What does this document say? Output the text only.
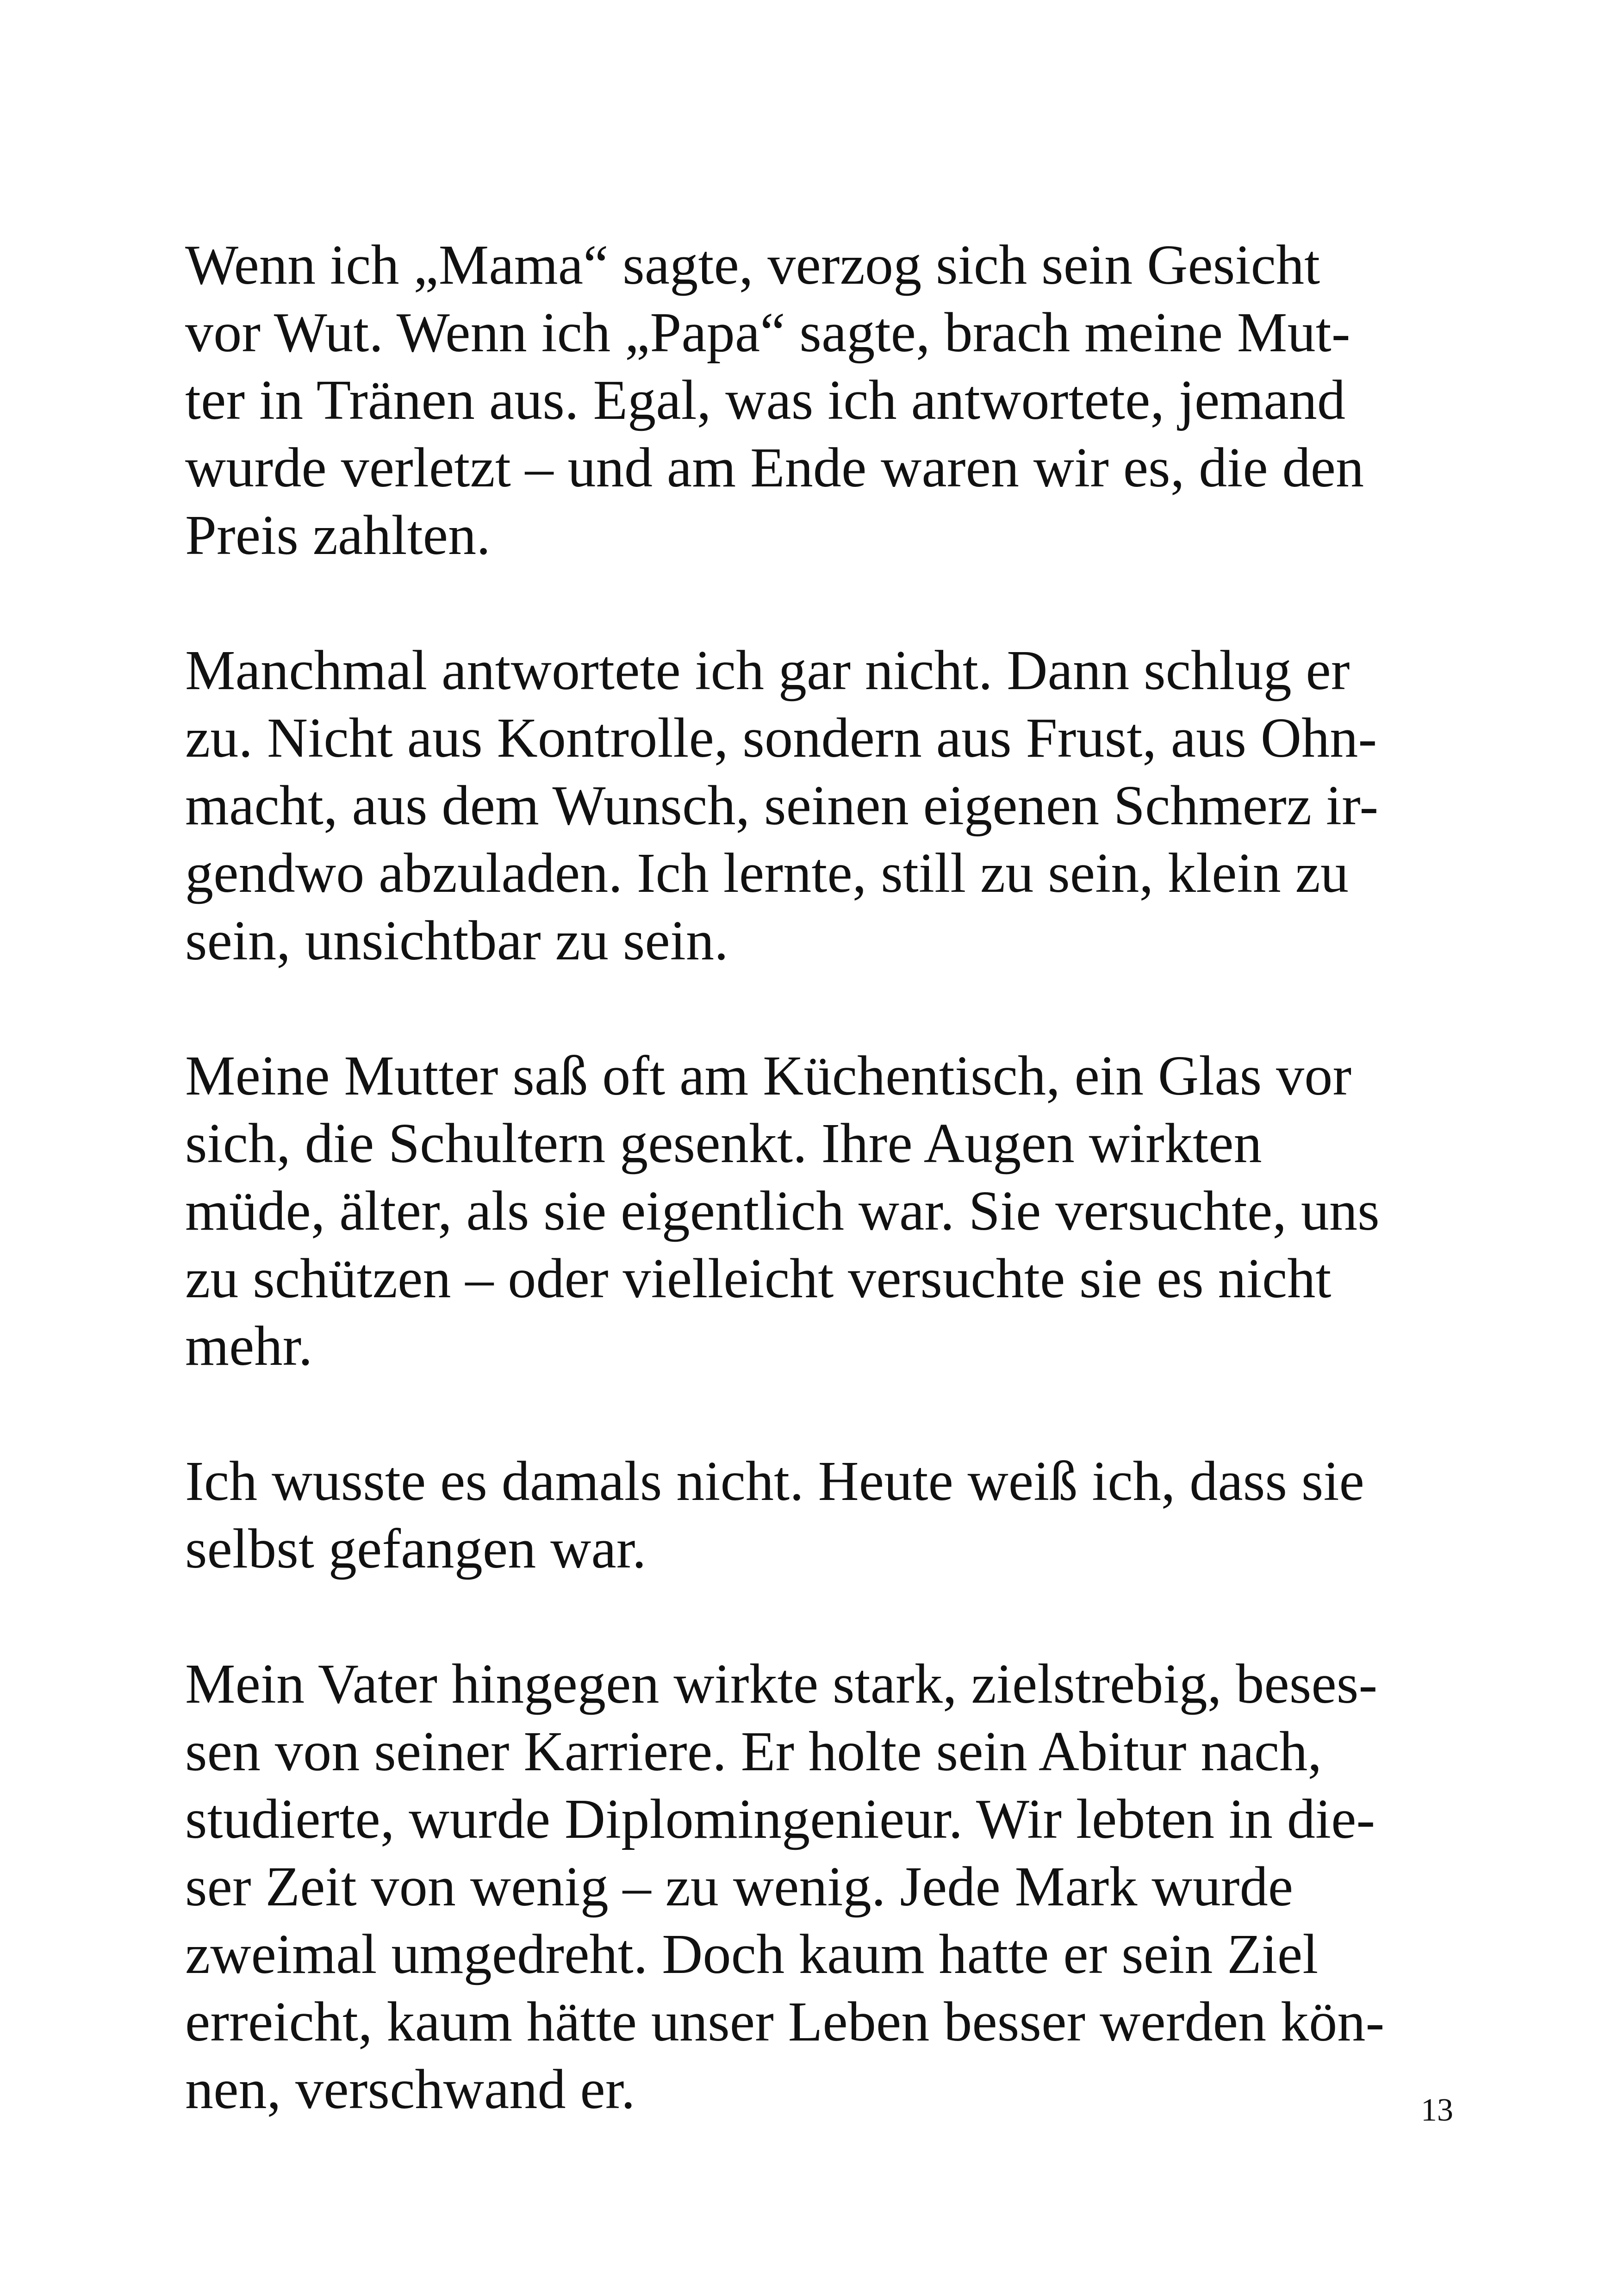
Wenn ich „Mama“ sagte, verzog sich sein Gesicht
vor Wut. Wenn ich „Papa“ sagte, brach meine Mut-
ter in Tränen aus. Egal, was ich antwortete, jemand
wurde verletzt – und am Ende waren wir es, die den
Preis zahlten.

Manchmal antwortete ich gar nicht. Dann schlug er
zu. Nicht aus Kontrolle, sondern aus Frust, aus Ohn-
macht, aus dem Wunsch, seinen eigenen Schmerz ir-
gendwo abzuladen. Ich lernte, still zu sein, klein zu
sein, unsichtbar zu sein.

Meine Mutter saß oft am Küchentisch, ein Glas vor
sich, die Schultern gesenkt. Ihre Augen wirkten
müde, älter, als sie eigentlich war. Sie versuchte, uns
zu schützen – oder vielleicht versuchte sie es nicht
mehr.

Ich wusste es damals nicht. Heute weiß ich, dass sie
selbst gefangen war.

Mein Vater hingegen wirkte stark, zielstrebig, beses-
sen von seiner Karriere. Er holte sein Abitur nach,
studierte, wurde Diplomingenieur. Wir lebten in die-
ser Zeit von wenig – zu wenig. Jede Mark wurde
zweimal umgedreht. Doch kaum hatte er sein Ziel
erreicht, kaum hätte unser Leben besser werden kön-
nen, verschwand er.	13
